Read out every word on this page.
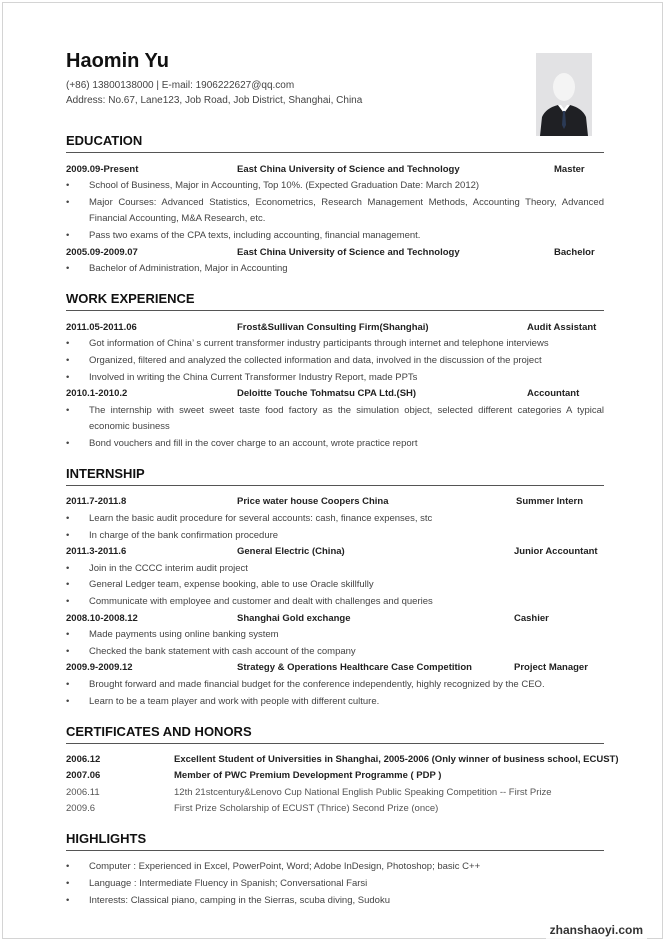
Haomin Yu
(+86) 13800138000 | E-mail: 1906222627@qq.com
Address: No.67, Lane123, Job Road, Job District, Shanghai, China
EDUCATION
2009.09-Present	East China University of Science and Technology	Master
• School of Business, Major in Accounting, Top 10%. (Expected Graduation Date: March 2012)
• Major Courses: Advanced Statistics, Econometrics, Research Management Methods, Accounting Theory, Advanced Financial Accounting, M&A Research, etc.
• Pass two exams of the CPA texts, including accounting, financial management.
2005.09-2009.07	East China University of Science and Technology	Bachelor
• Bachelor of Administration, Major in Accounting
WORK EXPERIENCE
2011.05-2011.06	Frost&Sullivan Consulting Firm(Shanghai)	Audit Assistant
• Got information of China’ s current transformer industry participants through internet and telephone interviews
• Organized, filtered and analyzed the collected information and data, involved in the discussion of the project
• Involved in writing the China Current Transformer Industry Report, made PPTs
2010.1-2010.2	Deloitte Touche Tohmatsu CPA Ltd.(SH)	Accountant
• The internship with sweet sweet taste food factory as the simulation object, selected different categories A typical economic business
• Bond vouchers and fill in the cover charge to an account, wrote practice report
INTERNSHIP
2011.7-2011.8	Price water house Coopers China	Summer Intern
• Learn the basic audit procedure for several accounts: cash, finance expenses, stc
• In charge of the bank confirmation procedure
2011.3-2011.6	General Electric (China)	Junior Accountant
• Join in the CCCC interim audit project
• General Ledger team, expense booking, able to use Oracle skillfully
• Communicate with employee and customer and dealt with challenges and queries
2008.10-2008.12	Shanghai Gold exchange	Cashier
• Made payments using online banking system
• Checked the bank statement with cash account of the company
2009.9-2009.12	Strategy & Operations Healthcare Case Competition	Project Manager
• Brought forward and made financial budget for the conference independently, highly recognized by the CEO.
• Learn to be a team player and work with people with different culture.
CERTIFICATES AND HONORS
2006.12	Excellent Student of Universities in Shanghai, 2005-2006 (Only winner of business school, ECUST)
2007.06	Member of PWC Premium Development Programme ( PDP )
2006.11	12th 21stcentury&Lenovo Cup National English Public Speaking Competition -- First Prize
2009.6	First Prize Scholarship of ECUST (Thrice) Second Prize (once)
HIGHLIGHTS
• Computer : Experienced in Excel, PowerPoint, Word; Adobe InDesign, Photoshop; basic C++
• Language : Intermediate Fluency in Spanish; Conversational Farsi
• Interests: Classical piano, camping in the Sierras, scuba diving, Sudoku
zhanshaoyi.com
